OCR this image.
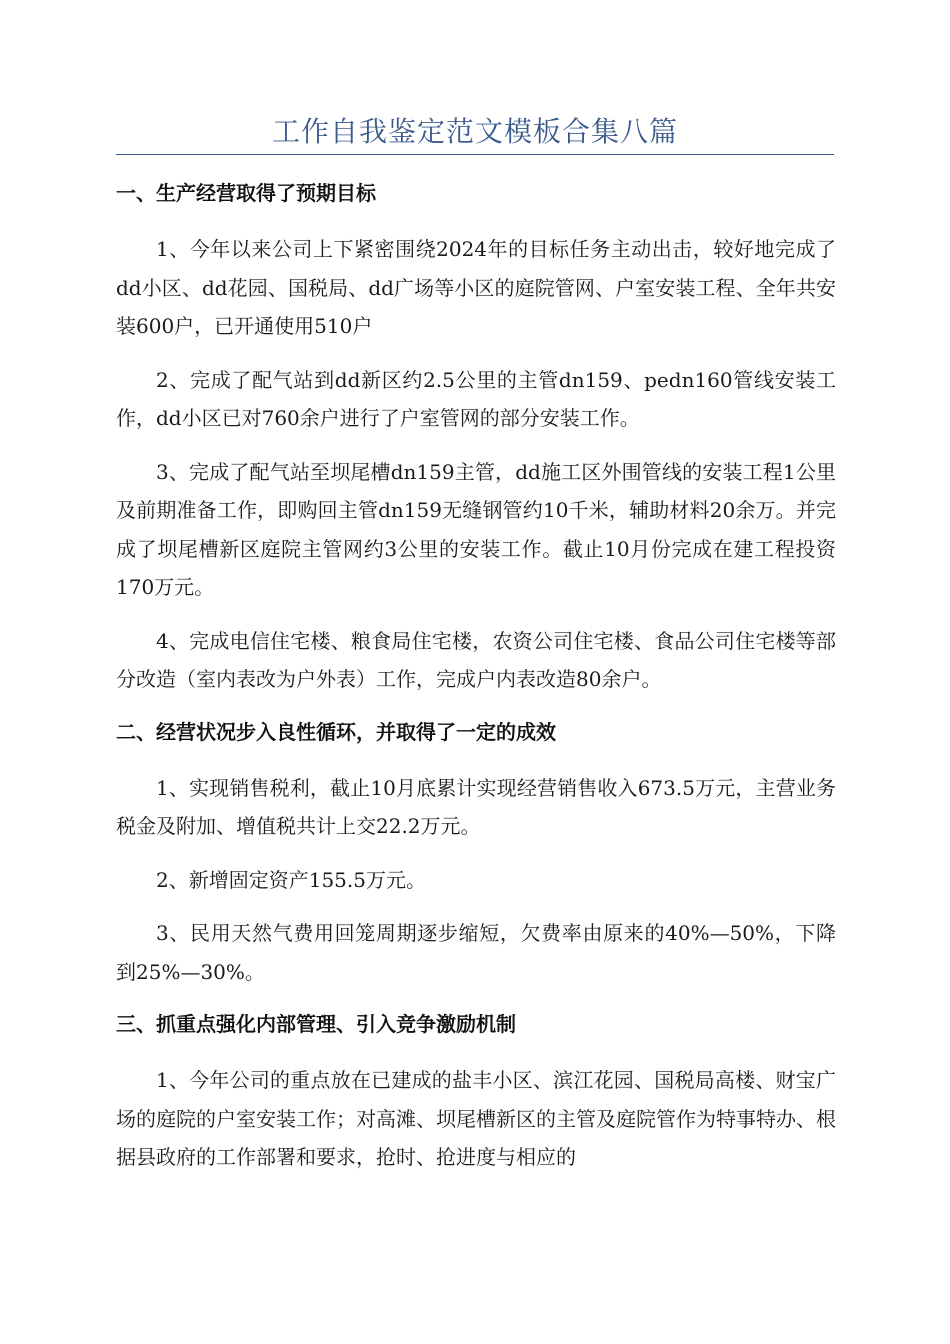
工作自我鉴定范文模板合集八篇
一、生产经营取得了预期目标

1、今年以来公司上下紧密围绕2024年的目标任务主动出击，较好地完成了dd小区、dd花园、国税局、dd广场等小区的庭院管网、户室安装工程、全年共安装600户，已开通使用510户

2、完成了配气站到dd新区约2.5公里的主管dn159、pedn160管线安装工作，dd小区已对760余户进行了户室管网的部分安装工作。

3、完成了配气站至坝尾槽dn159主管，dd施工区外围管线的安装工程1公里及前期准备工作，即购回主管dn159无缝钢管约10千米，辅助材料20余万。并完成了坝尾槽新区庭院主管网约3公里的安装工作。截止10月份完成在建工程投资170万元。

4、完成电信住宅楼、粮食局住宅楼，农资公司住宅楼、食品公司住宅楼等部分改造（室内表改为户外表）工作，完成户内表改造80余户。

二、经营状况步入良性循环，并取得了一定的成效

1、实现销售税利，截止10月底累计实现经营销售收入673.5万元，主营业务税金及附加、增值税共计上交22.2万元。

2、新增固定资产155.5万元。

3、民用天然气费用回笼周期逐步缩短，欠费率由原来的40%—50%，下降到25%—30%。

三、抓重点强化内部管理、引入竞争激励机制

1、今年公司的重点放在已建成的盐丰小区、滨江花园、国税局高楼、财宝广场的庭院的户室安装工作；对高滩、坝尾槽新区的主管及庭院管作为特事特办、根据县政府的工作部署和要求，抢时、抢进度与相应的
